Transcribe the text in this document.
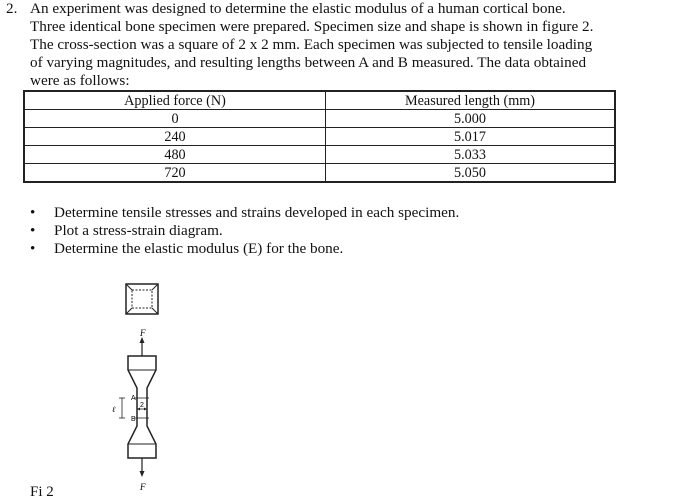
2. An experiment was designed to determine the elastic modulus of a human cortical bone.
Three identical bone specimen were prepared. Specimen size and shape is shown in figure 2.
The cross-section was a square of 2 x 2 mm. Each specimen was subjected to tensile loading
of varying magnitudes, and resulting lengths between A and B measured. The data obtained
were as follows:
Applied force (N)	Measured length (mm)
0	5.000
240	5.017
480	5.033
720	5.050
• Determine tensile stresses and strains developed in each specimen.
• Plot a stress-strain diagram.
• Determine the elastic modulus (E) for the bone.
F
A
B
ℓ	2
F
Fi 2
